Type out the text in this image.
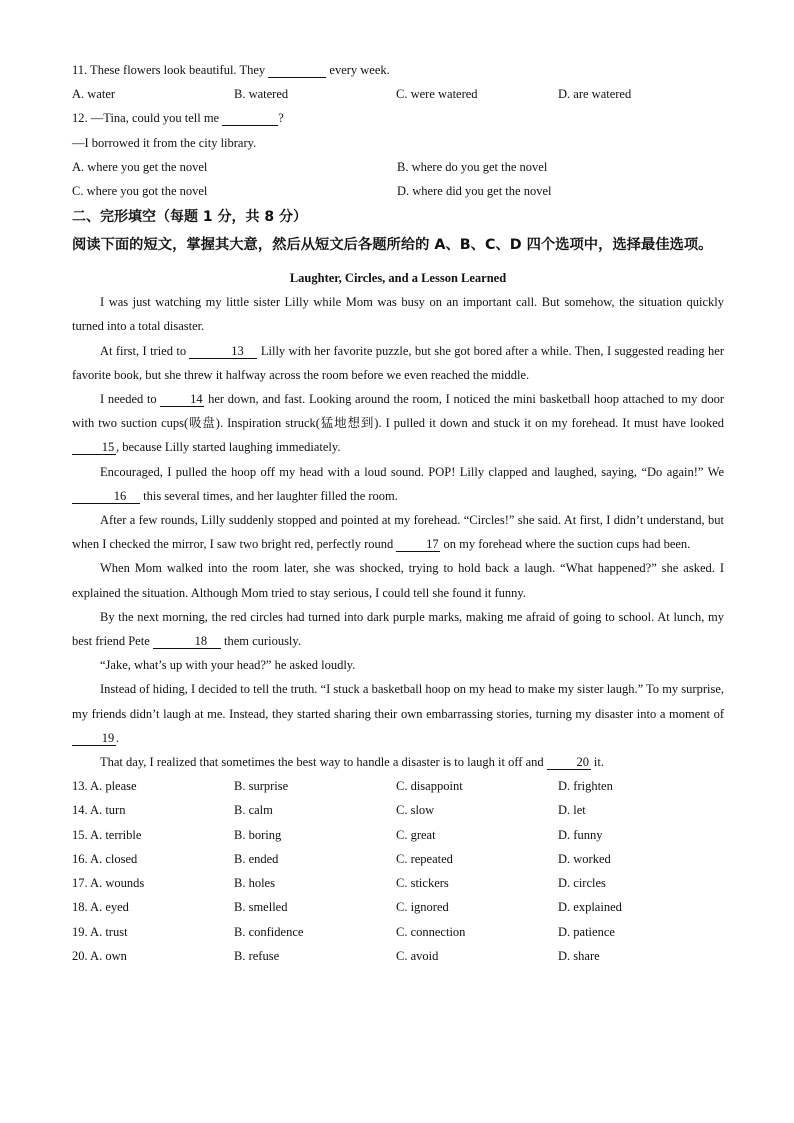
11. These flowers look beautiful. They	every week.
A. water	B. watered	C. were watered	D. are watered
12. —Tina, could you tell me	?
—I borrowed it from the city library.
A. where you get the novel	B. where do you get the novel
C. where you got the novel	D. where did you get the novel
二、完形填空（每题 1 分，共 8 分）
阅读下面的短文，掌握其大意，然后从短文后各题所给的 A、B、C、D 四个选项中，选择最佳选项。
Laughter, Circles, and a Lesson Learned
I was just watching my little sister Lilly while Mom was busy on an important call. But somehow, the situation quickly turned into a total disaster.
At first, I tried to	13 Lilly with her favorite puzzle, but she got bored after a while. Then, I suggested reading her favorite book, but she threw it halfway across the room before we even reached the middle.
I needed to 14 her down, and fast. Looking around the room, I noticed the mini basketball hoop attached to my door with two suction cups(吸盘). Inspiration struck(猛地想到). I pulled it down and stuck it on my forehead. It must have looked 15 , because Lilly started laughing immediately.
Encouraged, I pulled the hoop off my head with a loud sound. POP! Lilly clapped and laughed, saying, “Do again!” We 16 this several times, and her laughter filled the room.
After a few rounds, Lilly suddenly stopped and pointed at my forehead. “Circles!” she said. At first, I didn’t understand, but when I checked the mirror, I saw two bright red, perfectly round 17 on my forehead where the suction cups had been.
When Mom walked into the room later, she was shocked, trying to hold back a laugh. “What happened?” she asked. I explained the situation. Although Mom tried to stay serious, I could tell she found it funny.
By the next morning, the red circles had turned into dark purple marks, making me afraid of going to school. At lunch, my best friend Pete	18 them curiously.
“Jake, what’s up with your head?” he asked loudly.
Instead of hiding, I decided to tell the truth. “I stuck a basketball hoop on my head to make my sister laugh.” To my surprise, my friends didn’t laugh at me. Instead, they started sharing their own embarrassing stories, turning my disaster into a moment of 19 .
That day, I realized that sometimes the best way to handle a disaster is to laugh it off and 20 it.
13. A. please	B. surprise	C. disappoint	D. frighten
14. A. turn	B. calm	C. slow	D. let
15. A. terrible	B. boring	C. great	D. funny
16. A. closed	B. ended	C. repeated	D. worked
17. A. wounds	B. holes	C. stickers	D. circles
18. A. eyed	B. smelled	C. ignored	D. explained
19. A. trust	B. confidence	C. connection	D. patience
20. A. own	B. refuse	C. avoid	D. share
